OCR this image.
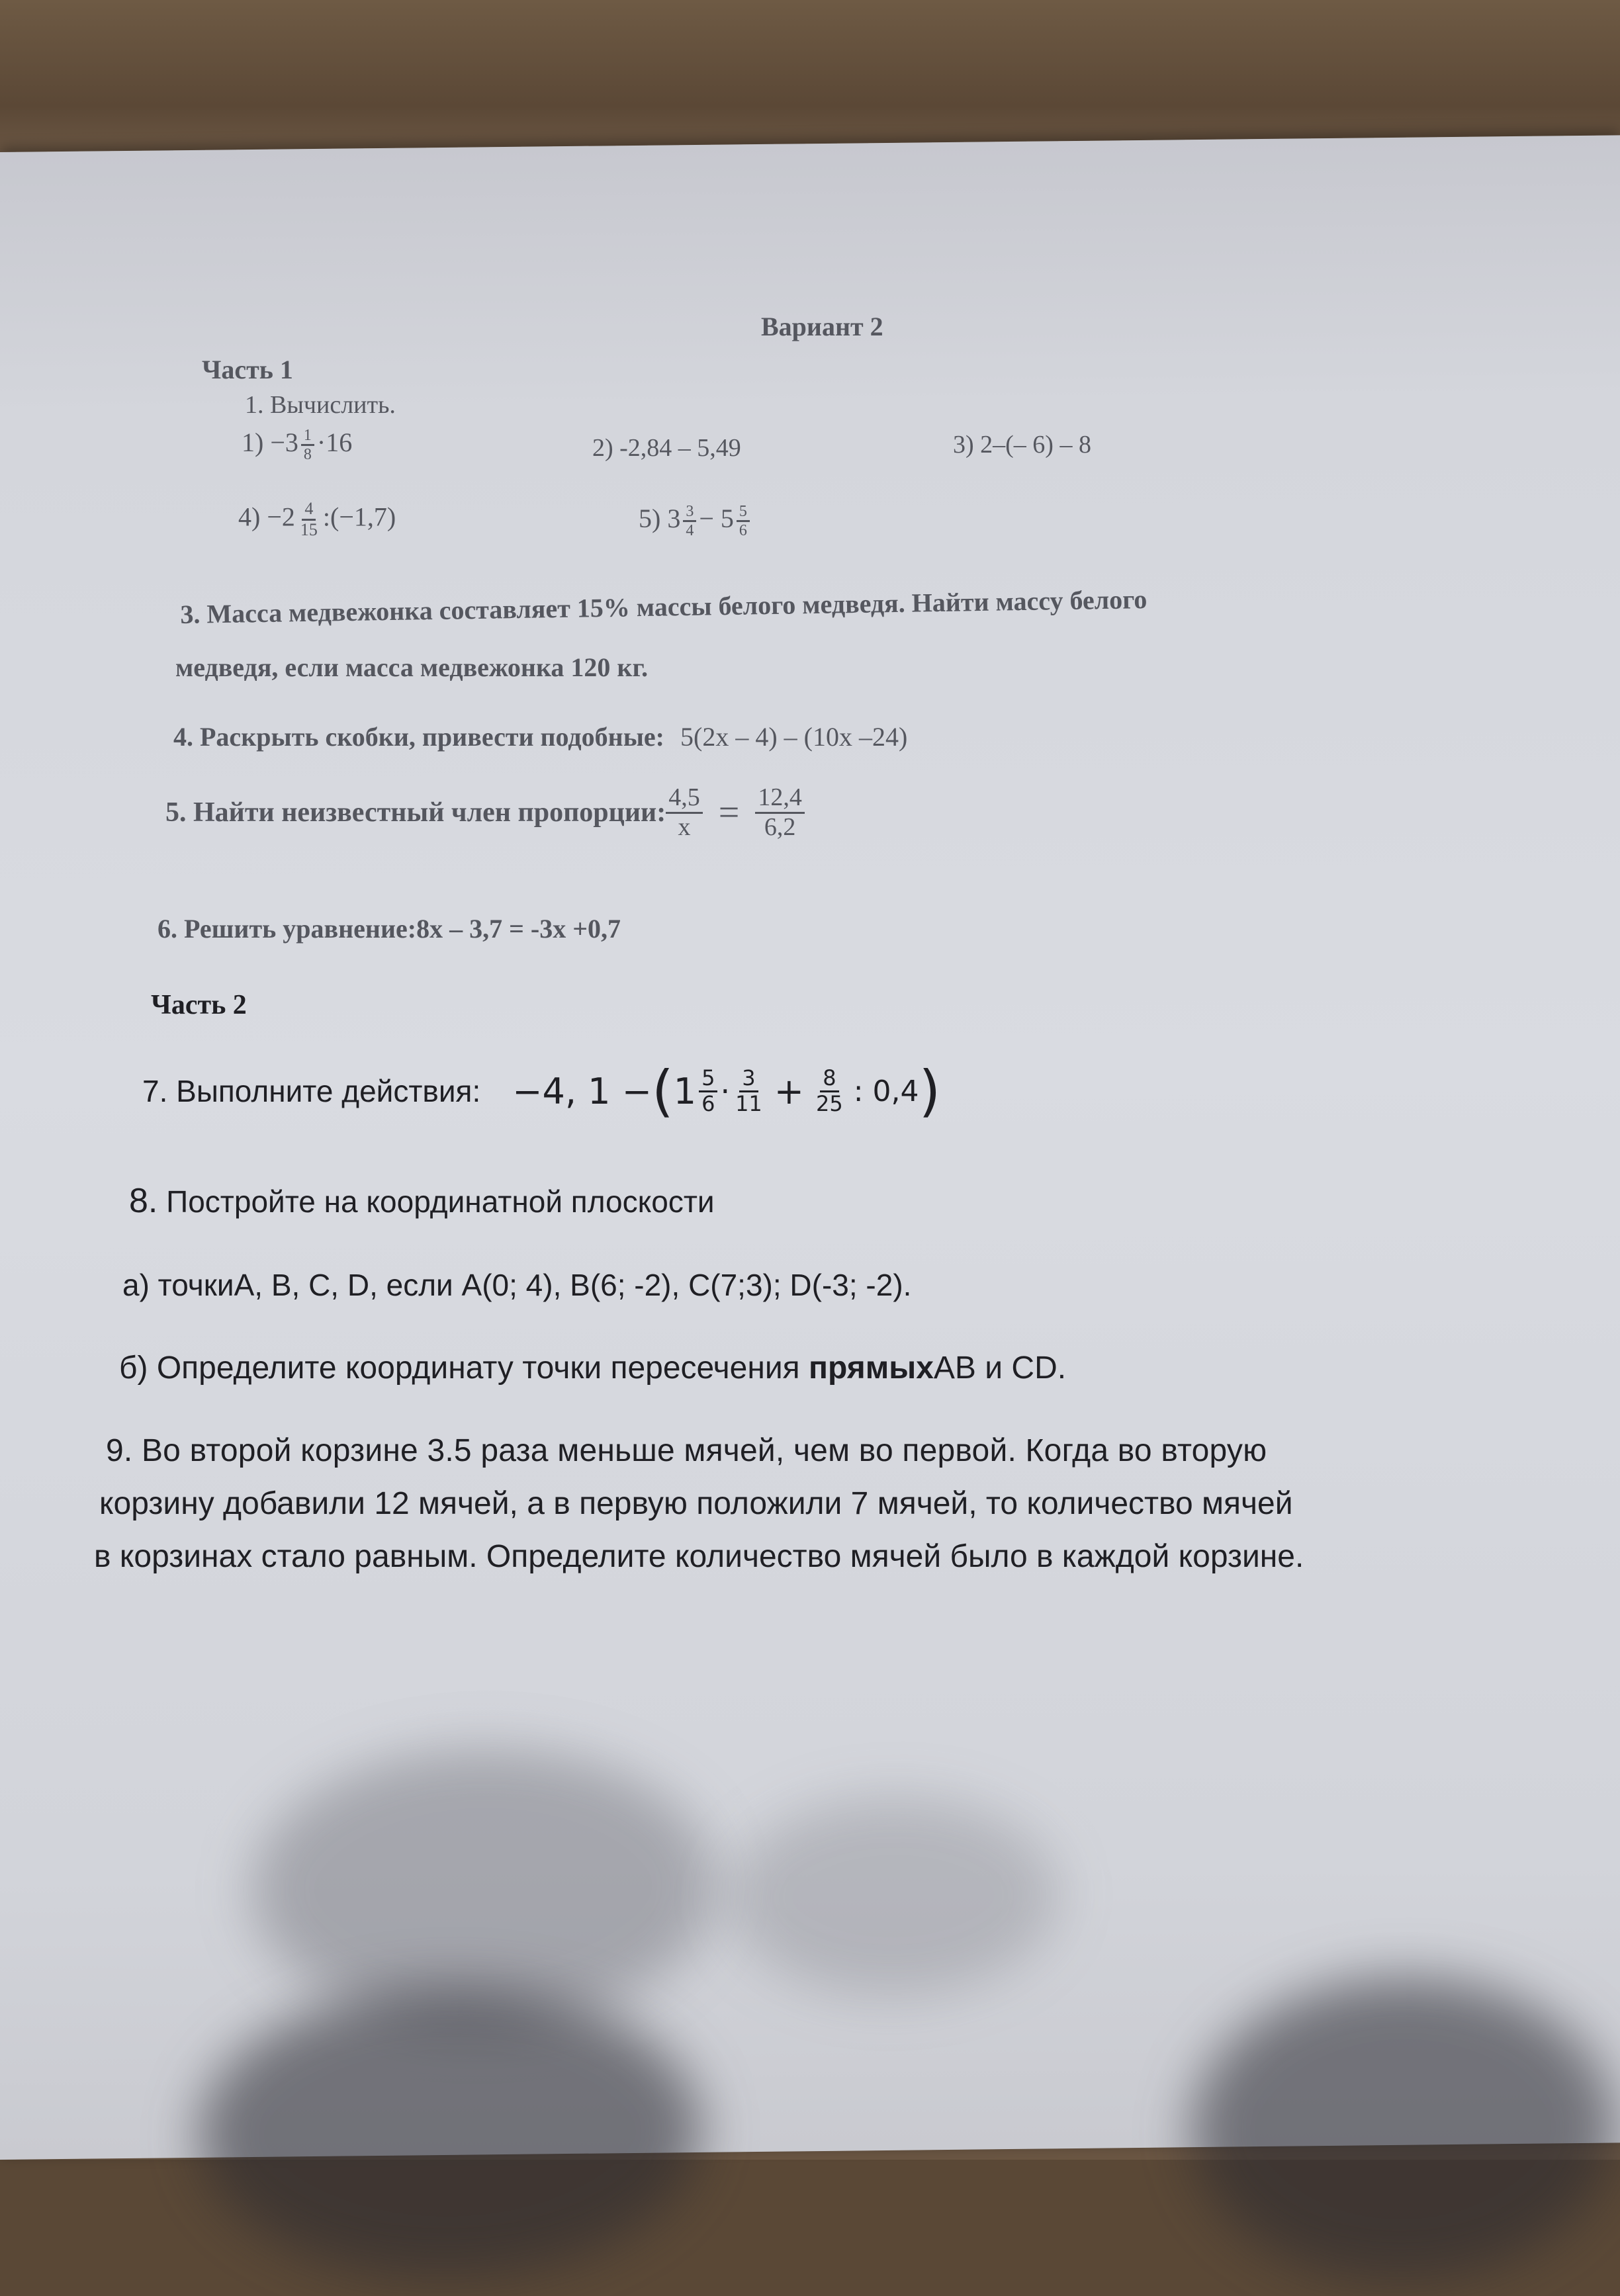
Вариант 2
Часть 1
1. Вычислить.
$1) -3 \frac{1}{8} \cdot 16$	2) -2,84 – 5,49	3) 2–(– 6) – 8
$4) -2 \frac{4}{15}$ :(−1,7)	5) $3 \frac{3}{4} - 5 \frac{5}{6}$
3. Масса медвежонка составляет 15% массы белого медведя. Найти массу белого
медведя, если масса медвежонка 120 кг.
4. Раскрыть скобки, привести подобные: 5(2х – 4) – (10х –24)
5. Найти неизвестный член пропорции: $\frac{4,5}{х} = \frac{12,4}{6,2}$
6. Решить уравнение:8х – 3,7 = -3х +0,7
Часть 2
7. Выполните действия: −4, 1 − ( $1 \frac{5}{6} \cdot \frac{3}{11} + \frac{8}{25}$ : 0,4 )
8. Постройте на координатной плоскости
а) точкиА, В, С, D, если А(0; 4), В(6; -2), С(7;3); D(-3; -2).
б) Определите координату точки пересечения прямыхАВ и СD.
9. Во второй корзине 3.5 раза меньше мячей, чем во первой. Когда во вторую
корзину добавили 12 мячей, а в первую положили 7 мячей, то количество мячей
в корзинах стало равным. Определите количество мячей было в каждой корзине.
